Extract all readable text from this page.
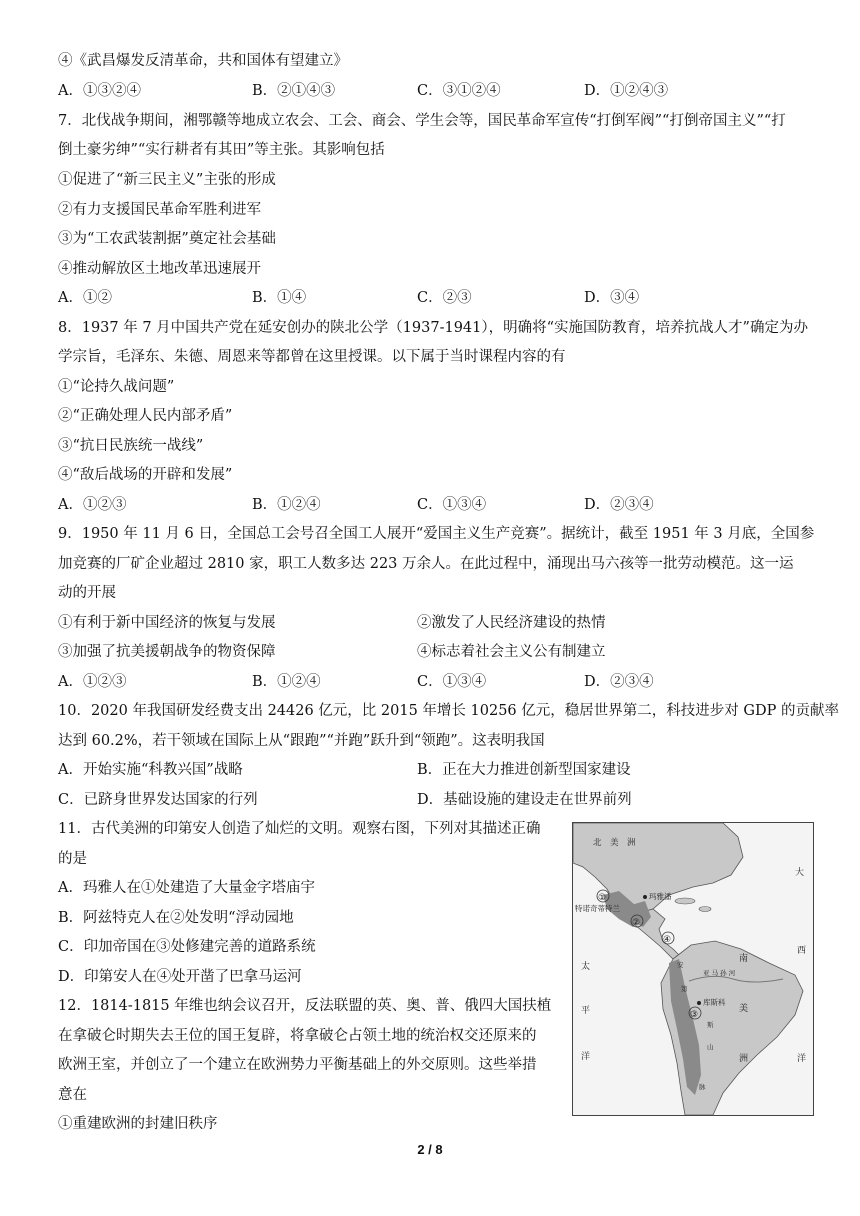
④《武昌爆发反清革命，共和国体有望建立》
A．①③②④	B．②①④③	C．③①②④	D．①②④③
7．北伐战争期间，湘鄂赣等地成立农会、工会、商会、学生会等，国民革命军宣传“打倒军阀”“打倒帝国主义”“打
倒土豪劣绅”“实行耕者有其田”等主张。其影响包括
①促进了“新三民主义”主张的形成
②有力支援国民革命军胜利进军
③为“工农武装割据”奠定社会基础
④推动解放区土地改革迅速展开
A．①②	B．①④	C．②③	D．③④
8．1937 年 7 月中国共产党在延安创办的陕北公学（1937-1941），明确将“实施国防教育，培养抗战人才”确定为办
学宗旨，毛泽东、朱德、周恩来等都曾在这里授课。以下属于当时课程内容的有
①“论持久战问题”
②“正确处理人民内部矛盾”
③“抗日民族统一战线”
④“敌后战场的开辟和发展”
A．①②③	B．①②④	C．①③④	D．②③④
9．1950 年 11 月 6 日，全国总工会号召全国工人展开“爱国主义生产竞赛”。据统计，截至 1951 年 3 月底，全国参
加竞赛的厂矿企业超过 2810 家，职工人数多达 223 万余人。在此过程中，涌现出马六孩等一批劳动模范。这一运
动的开展
①有利于新中国经济的恢复与发展	②激发了人民经济建设的热情
③加强了抗美援朝战争的物资保障	④标志着社会主义公有制建立
A．①②③	B．①②④	C．①③④	D．②③④
10．2020 年我国研发经费支出 24426 亿元，比 2015 年增长 10256 亿元，稳居世界第二，科技进步对 GDP 的贡献率
达到 60.2%，若干领域在国际上从“跟跑”“并跑”跃升到“领跑”。这表明我国
A．开始实施“科教兴国”战略	B．正在大力推进创新型国家建设
C．已跻身世界发达国家的行列	D．基础设施的建设走在世界前列
11．古代美洲的印第安人创造了灿烂的文明。观察右图，下列对其描述正确
的是
A．玛雅人在①处建造了大量金字塔庙宇
B．阿兹特克人在②处发明“浮动园地
C．印加帝国在③处修建完善的道路系统
D．印第安人在④处开凿了巴拿马运河
12．1814-1815 年维也纳会议召开，反法联盟的英、奥、普、俄四大国扶植
在拿破仑时期失去王位的国王复辟，将拿破仑占领土地的统治权交还原来的
欧洲王室，并创立了一个建立在欧洲势力平衡基础上的外交原则。这些举措
意在
①重建欧洲的封建旧秩序
北　美　洲
①
②
③
④
玛雅潘
特诺奇蒂特兰
库斯科
亚 马 孙 河
太
平
洋
大
西
洋
南
美
洲
安
第
斯
山
脉
2 / 8
